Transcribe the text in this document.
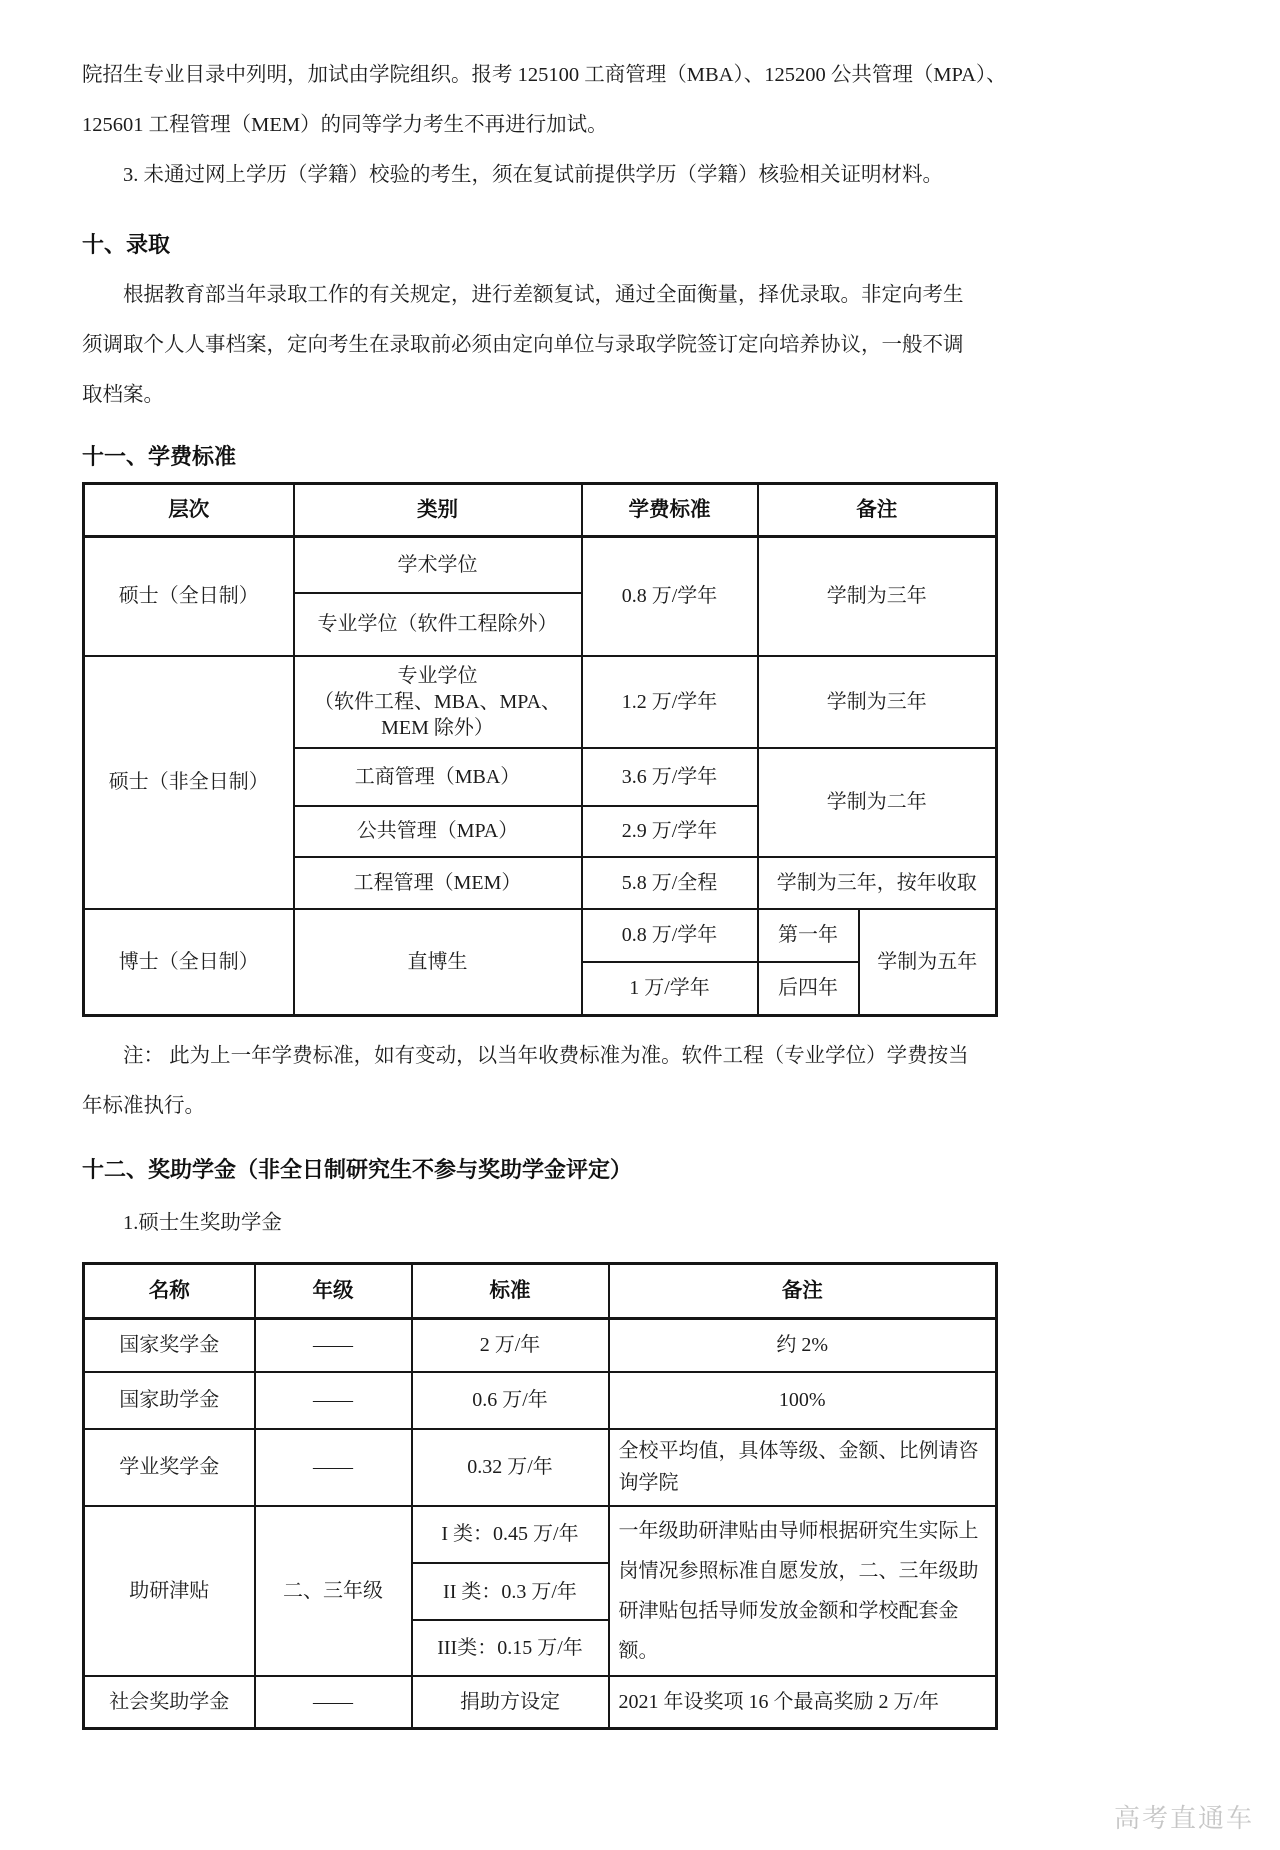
院招生专业目录中列明，加试由学院组织。报考 125100 工商管理（MBA）、125200 公共管理（MPA）、
125601 工程管理（MEM）的同等学力考生不再进行加试。
3. 未通过网上学历（学籍）校验的考生，须在复试前提供学历（学籍）核验相关证明材料。
十、录取
根据教育部当年录取工作的有关规定，进行差额复试，通过全面衡量，择优录取。非定向考生
须调取个人人事档案，定向考生在录取前必须由定向单位与录取学院签订定向培养协议，一般不调
取档案。
十一、学费标准
层次	类别	学费标准	备注	
硕士（全日制）	学术学位	0.8 万/学年	学制为三年	
	专业学位（软件工程除外）			
硕士（非全日制）	专业学位
（软件工程、MBA、MPA、
MEM 除外）	1.2 万/学年	学制为三年	
	工商管理（MBA）	3.6 万/学年	学制为二年	
	公共管理（MPA）	2.9 万/学年		
	工程管理（MEM）	5.8 万/全程	学制为三年，按年收取	
博士（全日制）	直博生	0.8 万/学年	第一年	学制为五年
		1 万/学年	后四年	
注： 此为上一年学费标准，如有变动，以当年收费标准为准。软件工程（专业学位）学费按当
年标准执行。
十二、奖助学金（非全日制研究生不参与奖助学金评定）
1.硕士生奖助学金
名称	年级	标准	备注
国家奖学金	——	2 万/年	约 2%
国家助学金	——	0.6 万/年	100%
学业奖学金	——	0.32 万/年	全校平均值，具体等级、金额、比例请咨询学院
助研津贴	二、三年级	I 类：0.45 万/年	一年级助研津贴由导师根据研究生实际上岗情况参照标准自愿发放，二、三年级助研津贴包括导师发放金额和学校配套金额。
		II 类：0.3 万/年	
		III类：0.15 万/年	
社会奖助学金	——	捐助方设定	2021 年设奖项 16 个最高奖励 2 万/年
高考直通车
